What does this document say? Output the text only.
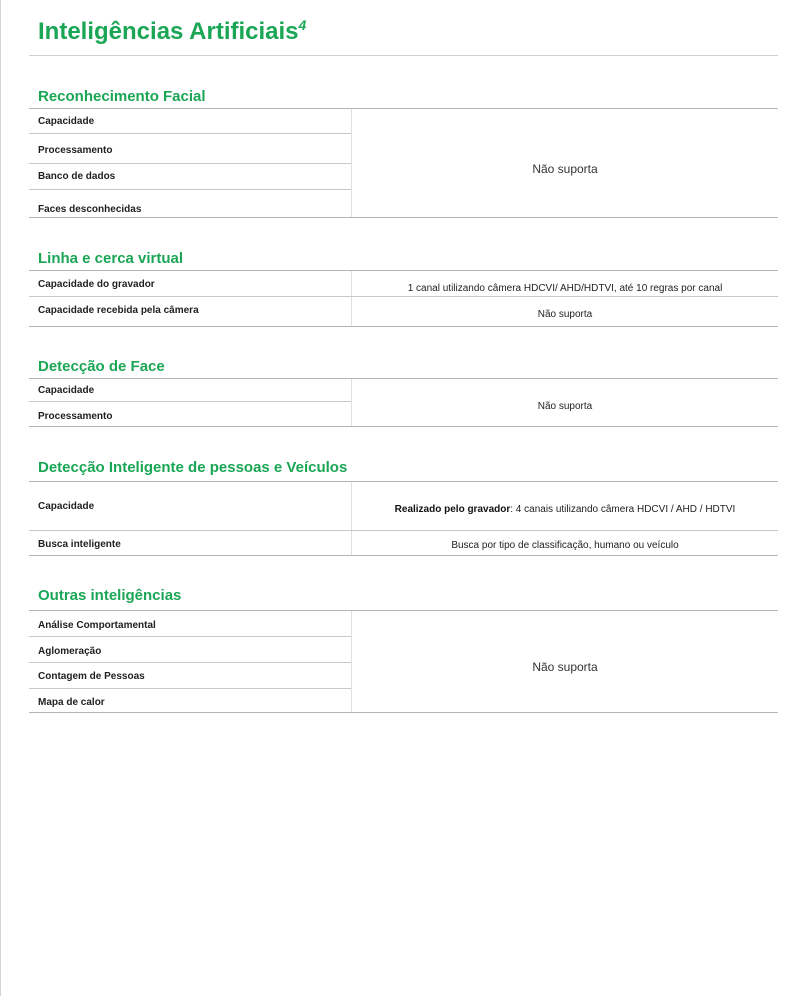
Inteligências Artificiais$^4$
Reconhecimento Facial
Capacidade
Processamento
Banco de dados
Faces desconhecidas
Não suporta
Linha e cerca virtual
Capacidade do gravador	1 canal utilizando câmera HDCVI/ AHD/HDTVI, até 10 regras por canal
Capacidade recebida pela câmera	Não suporta
Detecção de Face
Capacidade
Processamento
Não suporta
Detecção Inteligente de pessoas e Veículos
Capacidade	Realizado pelo gravador: 4 canais utilizando câmera HDCVI / AHD / HDTVI
Busca inteligente	Busca por tipo de classificação, humano ou veículo
Outras inteligências
Análise Comportamental
Aglomeração
Contagem de Pessoas
Mapa de calor
Não suporta
